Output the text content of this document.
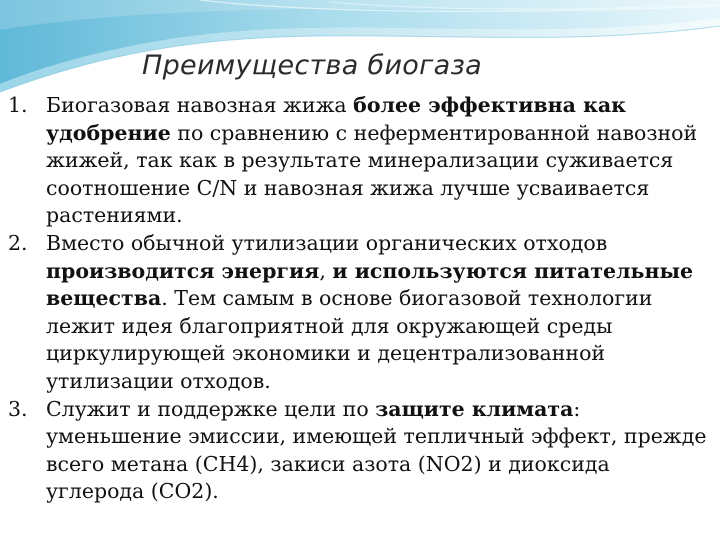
Преимущества биогаза

1. Биогазовая навозная жижа более эффективна как удобрение по сравнению с неферментированной навозной жижей, так как в результате минерализации суживается соотношение С/N и навозная жижа лучше усваивается растениями.

2. Вместо обычной утилизации органических отходов производится энергия, и используются питательные вещества. Тем самым в основе биогазовой технологии лежит идея благоприятной для окружающей среды циркулирующей экономики и децентрализованной утилизации отходов.

3. Служит и поддержке цели по защите климата: уменьшение эмиссии, имеющей тепличный эффект, прежде всего метана (СН4), закиси азота (NO2) и диоксида углерода (CO2).
